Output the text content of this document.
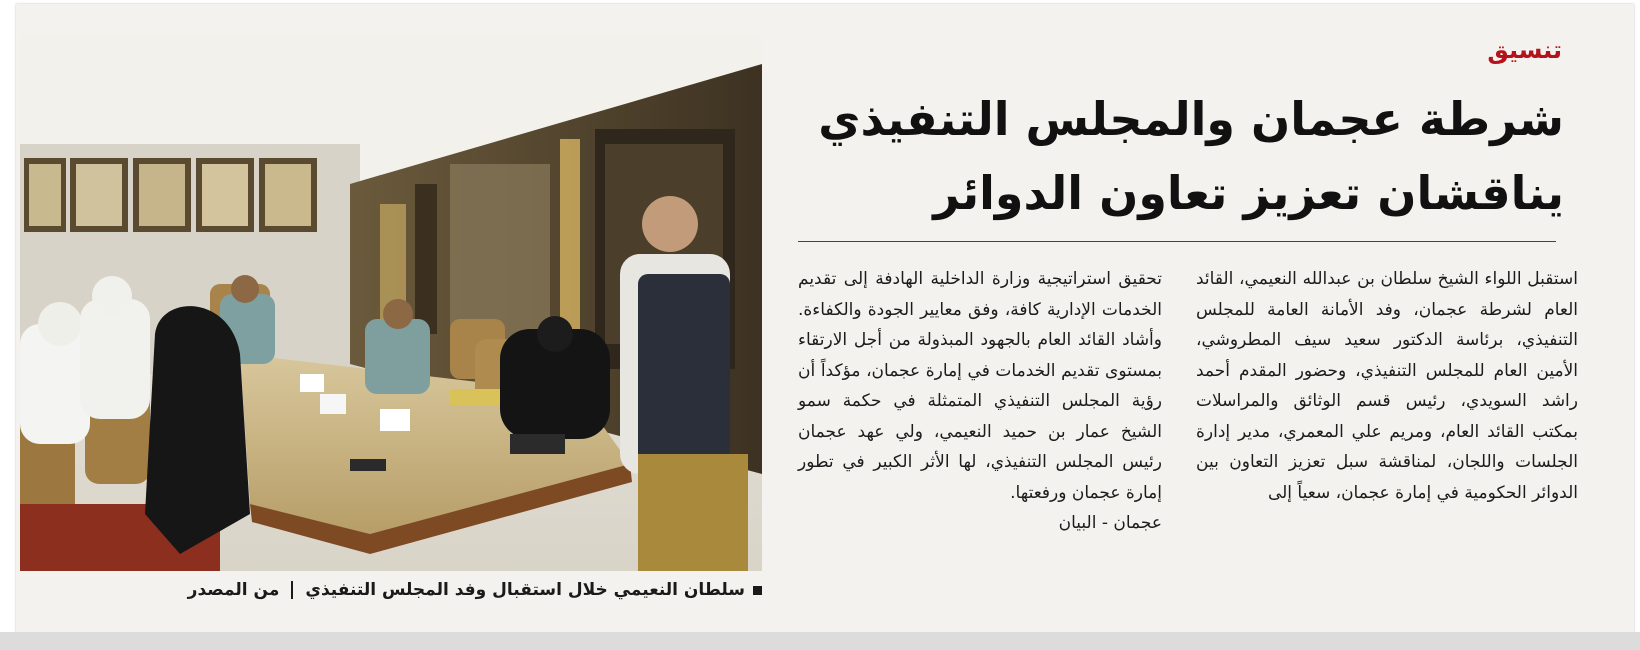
سلطان النعيمي خلال استقبال وفد المجلس التنفيذي
من المصدر
تنسيق
شرطة عجمان والمجلس التنفيذي
يناقشان تعزيز تعاون الدوائر

استقبل اللواء الشيخ سلطان بن عبدالله النعيمي، القائد العام لشرطة عجمان، وفد الأمانة العامة للمجلس التنفيذي، برئاسة الدكتور سعيد سيف المطروشي، الأمين العام للمجلس التنفيذي، وحضور المقدم أحمد راشد السويدي، رئيس قسم الوثائق والمراسلات بمكتب القائد العام، ومريم علي المعمري، مدير إدارة الجلسات واللجان، لمناقشة سبل تعزيز التعاون بين الدوائر الحكومية في إمارة عجمان، سعياً إلى

تحقيق استراتيجية وزارة الداخلية الهادفة إلى تقديم الخدمات الإدارية كافة، وفق معايير الجودة والكفاءة. وأشاد القائد العام بالجهود المبذولة من أجل الارتقاء بمستوى تقديم الخدمات في إمارة عجمان، مؤكداً أن رؤية المجلس التنفيذي المتمثلة في حكمة سمو الشيخ عمار بن حميد النعيمي، ولي عهد عجمان رئيس المجلس التنفيذي، لها الأثر الكبير في تطور إمارة عجمان ورفعتها.

عجمان - البيان
